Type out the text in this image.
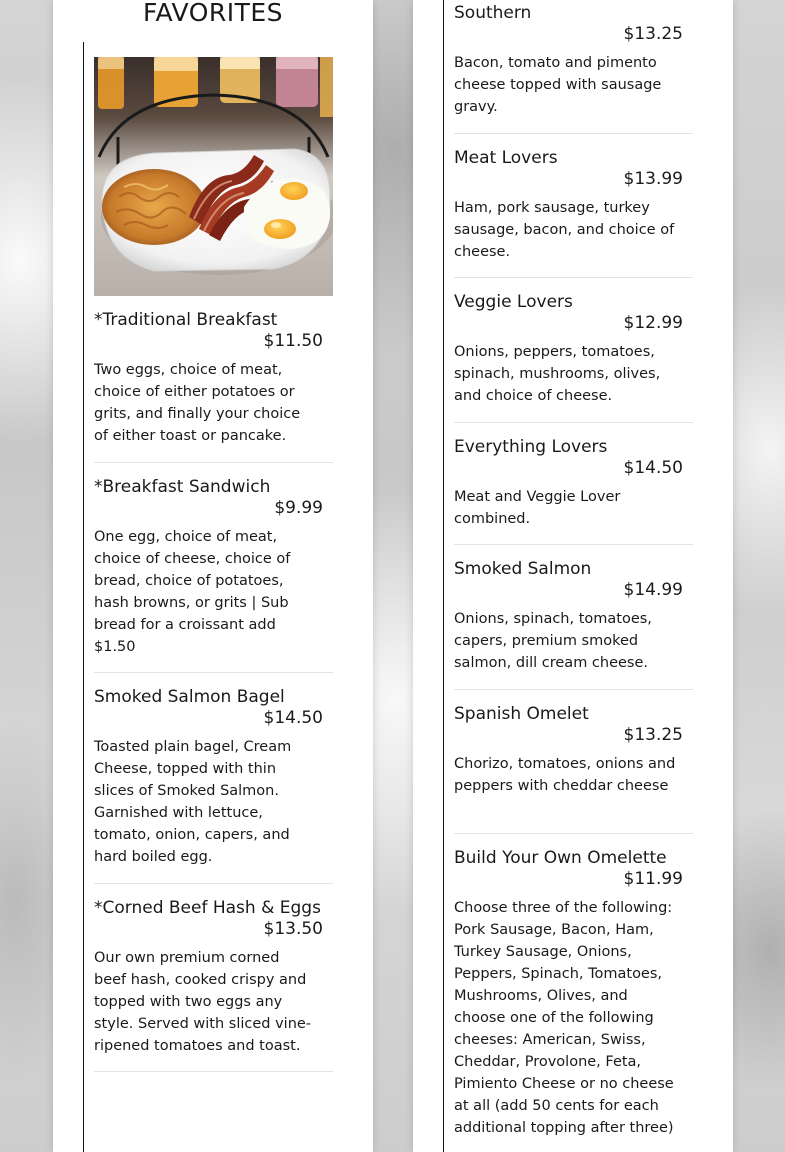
FAVORITES
*Traditional Breakfast
$11.50
Two eggs, choice of meat, choice of either potatoes or grits, and finally your choice of either toast or pancake.
*Breakfast Sandwich
$9.99
One egg, choice of meat, choice of cheese, choice of bread, choice of potatoes, hash browns, or grits | Sub bread for a croissant add $1.50
Smoked Salmon Bagel
$14.50
Toasted plain bagel, Cream Cheese, topped with thin slices of Smoked Salmon. Garnished with lettuce, tomato, onion, capers, and hard boiled egg.
*Corned Beef Hash & Eggs
$13.50
Our own premium corned beef hash, cooked crispy and topped with two eggs any style. Served with sliced vine-ripened tomatoes and toast.
Southern
$13.25
Bacon, tomato and pimento cheese topped with sausage gravy.
Meat Lovers
$13.99
Ham, pork sausage, turkey sausage, bacon, and choice of cheese.
Veggie Lovers
$12.99
Onions, peppers, tomatoes, spinach, mushrooms, olives, and choice of cheese.
Everything Lovers
$14.50
Meat and Veggie Lover combined.
Smoked Salmon
$14.99
Onions, spinach, tomatoes, capers, premium smoked salmon, dill cream cheese.
Spanish Omelet
$13.25
Chorizo, tomatoes, onions and peppers with cheddar cheese
Build Your Own Omelette
$11.99
Choose three of the following: Pork Sausage, Bacon, Ham, Turkey Sausage, Onions, Peppers, Spinach, Tomatoes, Mushrooms, Olives, and choose one of the following cheeses: American, Swiss, Cheddar, Provolone, Feta, Pimiento Cheese or no cheese at all (add 50 cents for each additional topping after three)
